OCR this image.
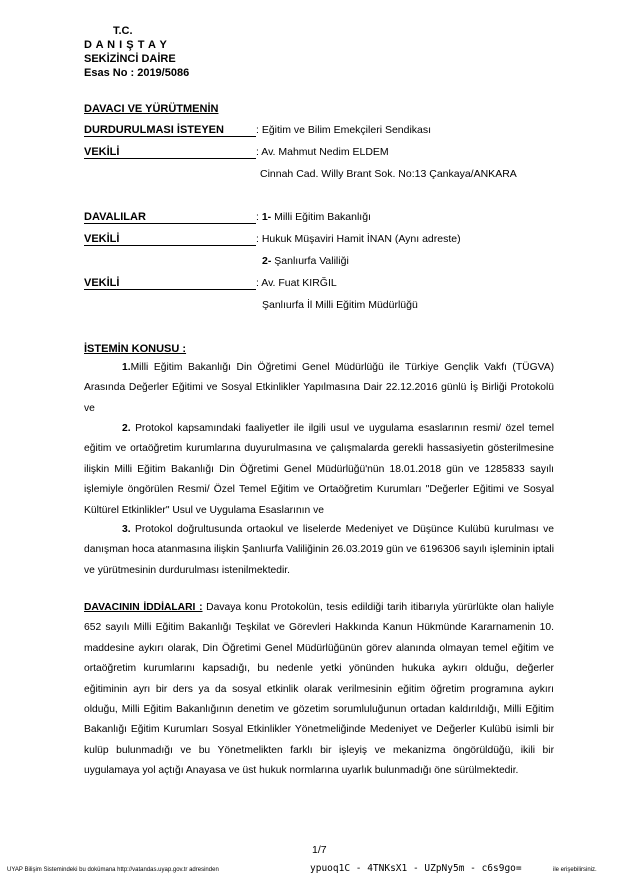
T.C.
D A N I Ş T A Y
SEKİZİNCİ DAİRE
Esas No : 2019/5086
DAVACI VE YÜRÜTMENİN
DURDURULMASI İSTEYEN	: Eğitim ve Bilim Emekçileri Sendikası
VEKİLİ	: Av. Mahmut Nedim ELDEM
Cinnah Cad. Willy Brant Sok. No:13 Çankaya/ANKARA
DAVALILAR	: 1- Milli Eğitim Bakanlığı
VEKİLİ	: Hukuk Müşaviri Hamit İNAN (Aynı adreste)
2- Şanlıurfa Valiliği
VEKİLİ	: Av. Fuat KIRĞIL
Şanlıurfa İl Milli Eğitim Müdürlüğü
İSTEMİN KONUSU :

1.Milli Eğitim Bakanlığı Din Öğretimi Genel Müdürlüğü ile Türkiye Gençlik Vakfı (TÜGVA) Arasında Değerler Eğitimi ve Sosyal Etkinlikler Yapılmasına Dair 22.12.2016 günlü İş Birliği Protokolü ve

2. Protokol kapsamındaki faaliyetler ile ilgili usul ve uygulama esaslarının resmi/ özel temel eğitim ve ortaöğretim kurumlarına duyurulmasına ve çalışmalarda gerekli hassasiyetin gösterilmesine ilişkin Milli Eğitim Bakanlığı Din Öğretimi Genel Müdürlüğü'nün 18.01.2018 gün ve 1285833 sayılı işlemiyle öngörülen Resmi/ Özel Temel Eğitim ve Ortaöğretim Kurumları "Değerler Eğitimi ve Sosyal Kültürel Etkinlikler" Usul ve Uygulama Esaslarının ve

3. Protokol doğrultusunda ortaokul ve liselerde Medeniyet ve Düşünce Kulübü kurulması ve danışman hoca atanmasına ilişkin Şanlıurfa Valiliğinin 26.03.2019 gün ve 6196306 sayılı işleminin iptali ve yürütmesinin durdurulması istenilmektedir.

DAVACININ İDDİALARI : Davaya konu Protokolün, tesis edildiği tarih itibarıyla yürürlükte olan haliyle 652 sayılı Milli Eğitim Bakanlığı Teşkilat ve Görevleri Hakkında Kanun Hükmünde Kararnamenin 10. maddesine aykırı olarak, Din Öğretimi Genel Müdürlüğünün görev alanında olmayan temel eğitim ve ortaöğretim kurumlarını kapsadığı, bu nedenle yetki yönünden hukuka aykırı olduğu, değerler eğitiminin ayrı bir ders ya da sosyal etkinlik olarak verilmesinin eğitim öğretim programına aykırı olduğu, Milli Eğitim Bakanlığının denetim ve gözetim sorumluluğunun ortadan kaldırıldığı, Milli Eğitim Bakanlığı Eğitim Kurumları Sosyal Etkinlikler Yönetmeliğinde Medeniyet ve Değerler Kulübü isimli bir kulüp bulunmadığı ve bu Yönetmelikten farklı bir işleyiş ve mekanizma öngörüldüğü, ikili bir uygulamaya yol açtığı Anayasa ve üst hukuk normlarına uyarlık bulunmadığı öne sürülmektedir.

1/7
UYAP Bilişim Sistemindeki bu dokümana http://vatandas.uyap.gov.tr adresinden	ypuoq1C - 4TNKsX1 - UZpNy5m - c6s9go=	ile erişebilirsiniz.
